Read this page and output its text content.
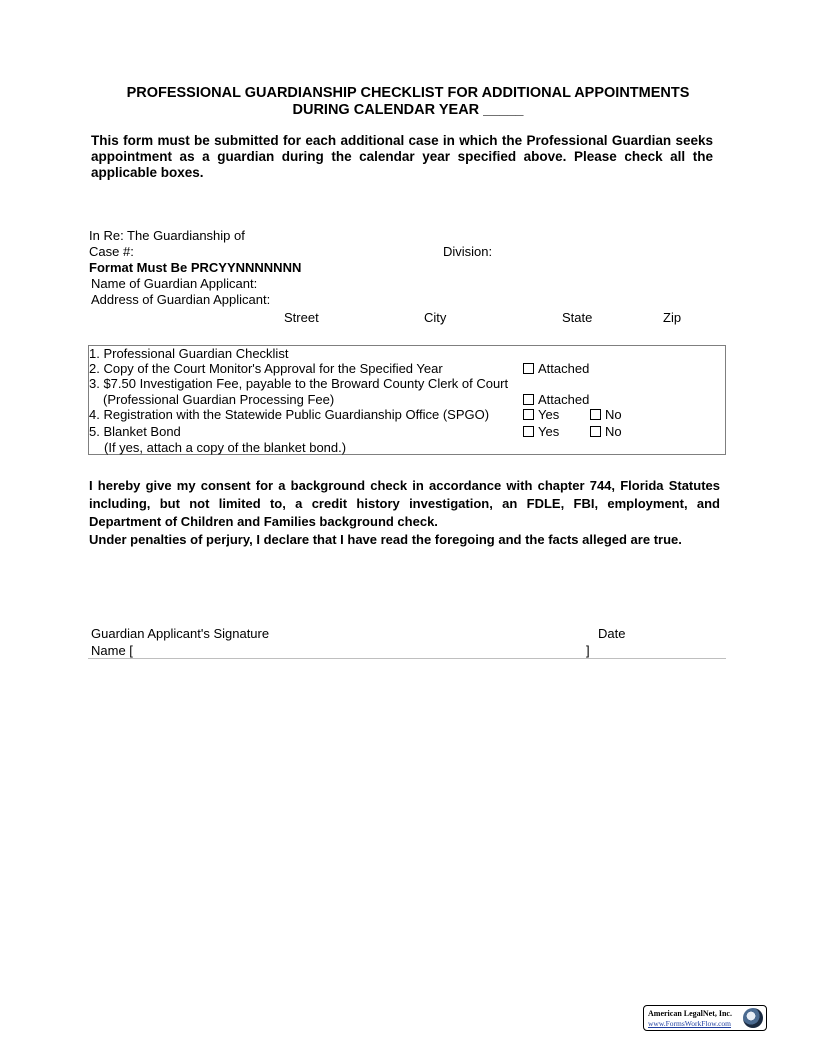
PROFESSIONAL GUARDIANSHIP CHECKLIST FOR ADDITIONAL APPOINTMENTS
DURING CALENDAR YEAR _____
This form must be submitted for each additional case in which the Professional Guardian seeks appointment as a guardian during the calendar year specified above. Please check all the applicable boxes.
In Re: The Guardianship of
Case #:	Division:
Format Must Be PRCYYNNNNNNN
Name of Guardian Applicant:
Address of Guardian Applicant:
Street	City	State	Zip
1. Professional Guardian Checklist
2. Copy of the Court Monitor's Approval for the Specified Year	Attached
3. $7.50 Investigation Fee, payable to the Broward County Clerk of Court
(Professional Guardian Processing Fee)	Attached
4. Registration with the Statewide Public Guardianship Office (SPGO)	Yes	No
5. Blanket Bond	Yes	No
(If yes, attach a copy of the blanket bond.)
I hereby give my consent for a background check in accordance with chapter 744, Florida Statutes including, but not limited to, a credit history investigation, an FDLE, FBI, employment, and Department of Children and Families background check.
Under penalties of perjury, I declare that I have read the foregoing and the facts alleged are true.
Guardian Applicant's Signature	Date
Name [	]
American LegalNet, Inc.
www.FormsWorkFlow.com
